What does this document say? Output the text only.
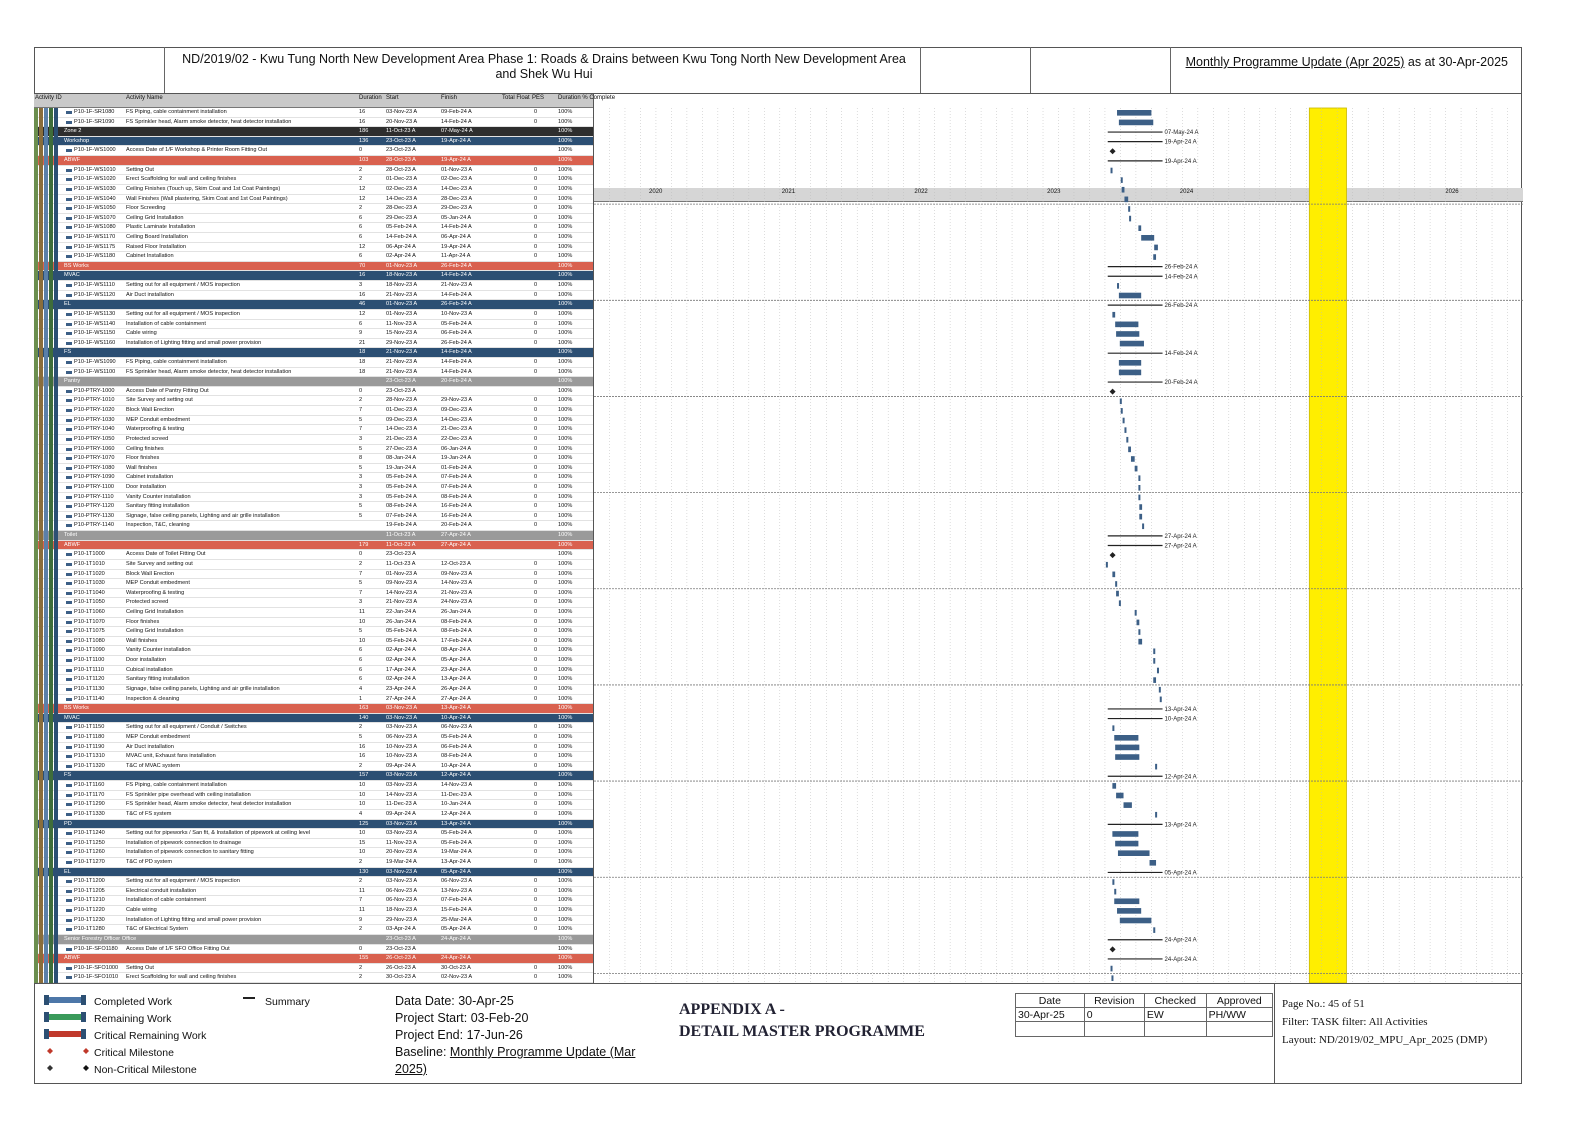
ND/2019/02 - Kwu Tung North New Development Area Phase 1: Roads & Drains between Kwu Tong North New Development Area
and Shek Wu Hui
Monthly Programme Update (Apr 2025) as at 30-Apr-2025
Activity ID	Activity Name	Duration Start	Finish	Total Float PES Duration % Complete
P10-1F-SR1080	FS Piping, cable containment installation	16	03-Nov-23 A	09-Feb-24 A	0	100%
P10-1F-SR1090	FS Sprinkler head, Alarm smoke detector, heat detector installation	16	20-Nov-23 A	14-Feb-24 A	0	100%
Zone 2	186	11-Oct-23 A	07-May-24 A	100%
Workshop	136	23-Oct-23 A	19-Apr-24 A	100%
P10-1F-WS1000	Access Date of 1/F Workshop & Printer Room Fitting Out	0	23-Oct-23 A	100%
ABWF	103	28-Oct-23 A	19-Apr-24 A	100%
P10-1F-WS1010	Setting Out	2	28-Oct-23 A	01-Nov-23 A	0	100%
P10-1F-WS1020	Erect Scaffolding for wall and ceiling finishes	2	01-Dec-23 A	02-Dec-23 A	0	100%
P10-1F-WS1030	Ceiling Finishes (Touch up, Skim Coat and 1st Coat Paintings)	12	02-Dec-23 A	14-Dec-23 A	0	100%
P10-1F-WS1040	Wall Finishes (Wall plastering, Skim Coat and 1st Coat Paintings)	12	14-Dec-23 A	28-Dec-23 A	0	100%
P10-1F-WS1050	Floor Screeding	2	28-Dec-23 A	29-Dec-23 A	0	100%
P10-1F-WS1070	Ceiling Grid Installation	6	29-Dec-23 A	05-Jan-24 A	0	100%
P10-1F-WS1080	Plastic Laminate Installation	6	05-Feb-24 A	14-Feb-24 A	0	100%
P10-1F-WS1170	Ceiling Board Installation	6	14-Feb-24 A	06-Apr-24 A	0	100%
P10-1F-WS1175	Raised Floor Installation	12	06-Apr-24 A	19-Apr-24 A	0	100%
P10-1F-WS1180	Cabinet Installation	6	02-Apr-24 A	11-Apr-24 A	0	100%
BS Works	70	01-Nov-23 A	26-Feb-24 A	100%
MVAC	16	18-Nov-23 A	14-Feb-24 A	100%
P10-1F-WS1110	Setting out for all equipment / MOS inspection	3	18-Nov-23 A	21-Nov-23 A	0	100%
P10-1F-WS1120	Air Duct installation	16	21-Nov-23 A	14-Feb-24 A	0	100%
EL	46	01-Nov-23 A	26-Feb-24 A	100%
P10-1F-WS1130	Setting out for all equipment / MOS inspection	12	01-Nov-23 A	10-Nov-23 A	0	100%
P10-1F-WS1140	Installation of cable containment	6	11-Nov-23 A	05-Feb-24 A	0	100%
P10-1F-WS1150	Cable wiring	9	15-Nov-23 A	06-Feb-24 A	0	100%
P10-1F-WS1160	Installation of Lighting fitting and small power provision	21	29-Nov-23 A	26-Feb-24 A	0	100%
FS	18	21-Nov-23 A	14-Feb-24 A	100%
P10-1F-WS1090	FS Piping, cable containment installation	18	21-Nov-23 A	14-Feb-24 A	0	100%
P10-1F-WS1100	FS Sprinkler head, Alarm smoke detector, heat detector installation	18	21-Nov-23 A	14-Feb-24 A	0	100%
Pantry	23-Oct-23 A	20-Feb-24 A	100%
P10-PTRY-1000	Access Date of Pantry Fitting Out	0	23-Oct-23 A	100%
P10-PTRY-1010	Site Survey and setting out	2	28-Nov-23 A	29-Nov-23 A	0	100%
P10-PTRY-1020	Block Wall Erection	7	01-Dec-23 A	09-Dec-23 A	0	100%
P10-PTRY-1030	MEP Conduit embedment	5	09-Dec-23 A	14-Dec-23 A	0	100%
P10-PTRY-1040	Waterproofing & testing	7	14-Dec-23 A	21-Dec-23 A	0	100%
P10-PTRY-1050	Protected screed	3	21-Dec-23 A	22-Dec-23 A	0	100%
P10-PTRY-1060	Ceiling finishes	5	27-Dec-23 A	06-Jan-24 A	0	100%
P10-PTRY-1070	Floor finishes	8	08-Jan-24 A	19-Jan-24 A	0	100%
P10-PTRY-1080	Wall finishes	5	19-Jan-24 A	01-Feb-24 A	0	100%
P10-PTRY-1090	Cabinet installation	3	05-Feb-24 A	07-Feb-24 A	0	100%
P10-PTRY-1100	Door installation	3	05-Feb-24 A	07-Feb-24 A	0	100%
P10-PTRY-1110	Vanity Counter installation	3	05-Feb-24 A	08-Feb-24 A	0	100%
P10-PTRY-1120	Sanitary fitting installation	5	08-Feb-24 A	16-Feb-24 A	0	100%
P10-PTRY-1130	Signage, false ceiling panels, Lighting and air grille installation	5	07-Feb-24 A	16-Feb-24 A	0	100%
P10-PTRY-1140	Inspection, T&C, cleaning	19-Feb-24 A	20-Feb-24 A	0	100%
Toilet	11-Oct-23 A	27-Apr-24 A	100%
ABWF	179	11-Oct-23 A	27-Apr-24 A	100%
P10-1T1000	Access Date of Toilet Fitting Out	0	23-Oct-23 A	100%
P10-1T1010	Site Survey and setting out	2	11-Oct-23 A	12-Oct-23 A	0	100%
P10-1T1020	Block Wall Erection	7	01-Nov-23 A	09-Nov-23 A	0	100%
P10-1T1030	MEP Conduit embedment	5	09-Nov-23 A	14-Nov-23 A	0	100%
P10-1T1040	Waterproofing & testing	7	14-Nov-23 A	21-Nov-23 A	0	100%
P10-1T1050	Protected screed	3	21-Nov-23 A	24-Nov-23 A	0	100%
P10-1T1060	Ceiling Grid Installation	11	22-Jan-24 A	26-Jan-24 A	0	100%
P10-1T1070	Floor finishes	10	26-Jan-24 A	08-Feb-24 A	0	100%
P10-1T1075	Ceiling Grid Installation	5	05-Feb-24 A	08-Feb-24 A	0	100%
P10-1T1080	Wall finishes	10	05-Feb-24 A	17-Feb-24 A	0	100%
P10-1T1090	Vanity Counter installation	6	02-Apr-24 A	08-Apr-24 A	0	100%
P10-1T1100	Door installation	6	02-Apr-24 A	05-Apr-24 A	0	100%
P10-1T1110	Cubical installation	6	17-Apr-24 A	23-Apr-24 A	0	100%
P10-1T1120	Sanitary fitting installation	6	02-Apr-24 A	13-Apr-24 A	0	100%
P10-1T1130	Signage, false ceiling panels, Lighting and air grille installation	4	23-Apr-24 A	26-Apr-24 A	0	100%
P10-1T1140	Inspection & cleaning	1	27-Apr-24 A	27-Apr-24 A	0	100%
BS Works	163	03-Nov-23 A	13-Apr-24 A	100%
MVAC	140	03-Nov-23 A	10-Apr-24 A	100%
P10-1T1150	Setting out for all equipment / Conduit / Switches	2	03-Nov-23 A	06-Nov-23 A	0	100%
P10-1T1180	MEP Conduit embedment	5	06-Nov-23 A	05-Feb-24 A	0	100%
P10-1T1190	Air Duct installation	16	10-Nov-23 A	06-Feb-24 A	0	100%
P10-1T1310	MVAC unit, Exhaust fans installation	16	10-Nov-23 A	08-Feb-24 A	0	100%
P10-1T1320	T&C of MVAC system	2	09-Apr-24 A	10-Apr-24 A	0	100%
FS	157	03-Nov-23 A	12-Apr-24 A	100%
P10-1T1160	FS Piping, cable containment installation	10	03-Nov-23 A	14-Nov-23 A	0	100%
P10-1T1170	FS Sprinkler pipe overhead with ceiling installation	10	14-Nov-23 A	11-Dec-23 A	0	100%
P10-1T1290	FS Sprinkler head, Alarm smoke detector, heat detector installation	10	11-Dec-23 A	10-Jan-24 A	0	100%
P10-1T1330	T&C of FS system	4	09-Apr-24 A	12-Apr-24 A	0	100%
PD	125	03-Nov-23 A	13-Apr-24 A	100%
P10-1T1240	Setting out for pipeworks / San fit, & Installation of pipework at ceiling level	10	03-Nov-23 A	05-Feb-24 A	0	100%
P10-1T1250	Installation of pipework connection to drainage	15	11-Nov-23 A	05-Feb-24 A	0	100%
P10-1T1260	Installation of pipework connection to sanitary fitting	10	20-Nov-23 A	19-Mar-24 A	0	100%
P10-1T1270	T&C of PD system	2	19-Mar-24 A	13-Apr-24 A	0	100%
EL	130	03-Nov-23 A	05-Apr-24 A	100%
P10-1T1200	Setting out for all equipment / MOS inspection	2	03-Nov-23 A	06-Nov-23 A	0	100%
P10-1T1205	Electrical conduit installation	11	06-Nov-23 A	13-Nov-23 A	0	100%
P10-1T1210	Installation of cable containment	7	06-Nov-23 A	07-Feb-24 A	0	100%
P10-1T1220	Cable wiring	11	18-Nov-23 A	15-Feb-24 A	0	100%
P10-1T1230	Installation of Lighting fitting and small power provision	9	29-Nov-23 A	25-Mar-24 A	0	100%
P10-1T1280	T&C of Electrical System	2	03-Apr-24 A	05-Apr-24 A	0	100%
Senior Forestry Officer Office	23-Oct-23 A	24-Apr-24 A	100%
P10-1F-SFO1180	Access Date of 1/F SFO Office Fitting Out	0	23-Oct-23 A	100%
ABWF	155	26-Oct-23 A	24-Apr-24 A	100%
P10-1F-SFO1000	Setting Out	2	26-Oct-23 A	30-Oct-23 A	0	100%
P10-1F-SFO1010	Erect Scaffolding for wall and ceiling finishes	2	30-Oct-23 A	02-Nov-23 A	0	100%
2020	2021	2022	2023	2024	2026
07-May-24 A
19-Apr-24 A
19-Apr-24 A
26-Feb-24 A
14-Feb-24 A
26-Feb-24 A
14-Feb-24 A
20-Feb-24 A
27-Apr-24 A
27-Apr-24 A
13-Apr-24 A
10-Apr-24 A
12-Apr-24 A
13-Apr-24 A
05-Apr-24 A
24-Apr-24 A
24-Apr-24 A
Completed Work
Remaining Work
Critical Remaining Work
Critical Milestone
Non-Critical Milestone
Summary	Data Date: 30-Apr-25
Project Start: 03-Feb-20
Project End: 17-Jun-26
Baseline: Monthly Programme Update (Mar 2025)
APPENDIX A -
DETAIL MASTER PROGRAMME
Date	Revision	Checked	Approved
30-Apr-25	0	EW	PH/WW

Page No.: 45 of 51
Filter: TASK filter: All Activities
Layout: ND/2019/02_MPU_Apr_2025 (DMP)
